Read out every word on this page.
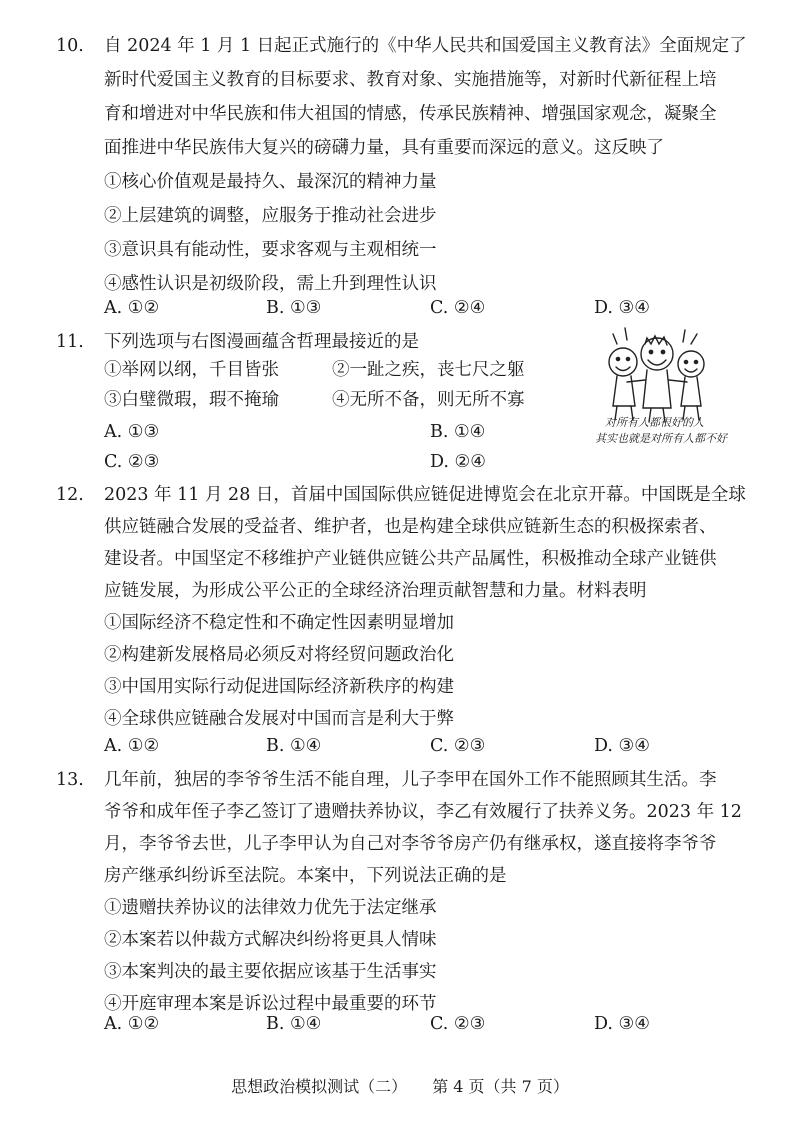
10. 自 2024 年 1 月 1 日起正式施行的《中华人民共和国爱国主义教育法》全面规定了
新时代爱国主义教育的目标要求、教育对象、实施措施等，对新时代新征程上培
育和增进对中华民族和伟大祖国的情感，传承民族精神、增强国家观念，凝聚全
面推进中华民族伟大复兴的磅礴力量，具有重要而深远的意义。这反映了
①核心价值观是最持久、最深沉的精神力量
②上层建筑的调整，应服务于推动社会进步
③意识具有能动性，要求客观与主观相统一
④感性认识是初级阶段，需上升到理性认识
A. ①②	B. ①③	C. ②④	D. ③④
11. 下列选项与右图漫画蕴含哲理最接近的是
①举网以纲，千目皆张	②一趾之疾，丧七尺之躯
③白璧微瑕，瑕不掩瑜	④无所不备，则无所不寡
A. ①③	B. ①④
C. ②③	D. ②④
对所有人都很好的人
其实也就是对所有人都不好
12. 2023 年 11 月 28 日，首届中国国际供应链促进博览会在北京开幕。中国既是全球
供应链融合发展的受益者、维护者，也是构建全球供应链新生态的积极探索者、
建设者。中国坚定不移维护产业链供应链公共产品属性，积极推动全球产业链供
应链发展，为形成公平公正的全球经济治理贡献智慧和力量。材料表明
①国际经济不稳定性和不确定性因素明显增加
②构建新发展格局必须反对将经贸问题政治化
③中国用实际行动促进国际经济新秩序的构建
④全球供应链融合发展对中国而言是利大于弊
A. ①②	B. ①④	C. ②③	D. ③④
13. 几年前，独居的李爷爷生活不能自理，儿子李甲在国外工作不能照顾其生活。李
爷爷和成年侄子李乙签订了遗赠扶养协议，李乙有效履行了扶养义务。2023 年 12
月，李爷爷去世，儿子李甲认为自己对李爷爷房产仍有继承权，遂直接将李爷爷
房产继承纠纷诉至法院。本案中，下列说法正确的是
①遗赠扶养协议的法律效力优先于法定继承
②本案若以仲裁方式解决纠纷将更具人情味
③本案判决的最主要依据应该基于生活事实
④开庭审理本案是诉讼过程中最重要的环节
A. ①②	B. ①④	C. ②③	D. ③④
思想政治模拟测试（二） 第 4 页（共 7 页）
